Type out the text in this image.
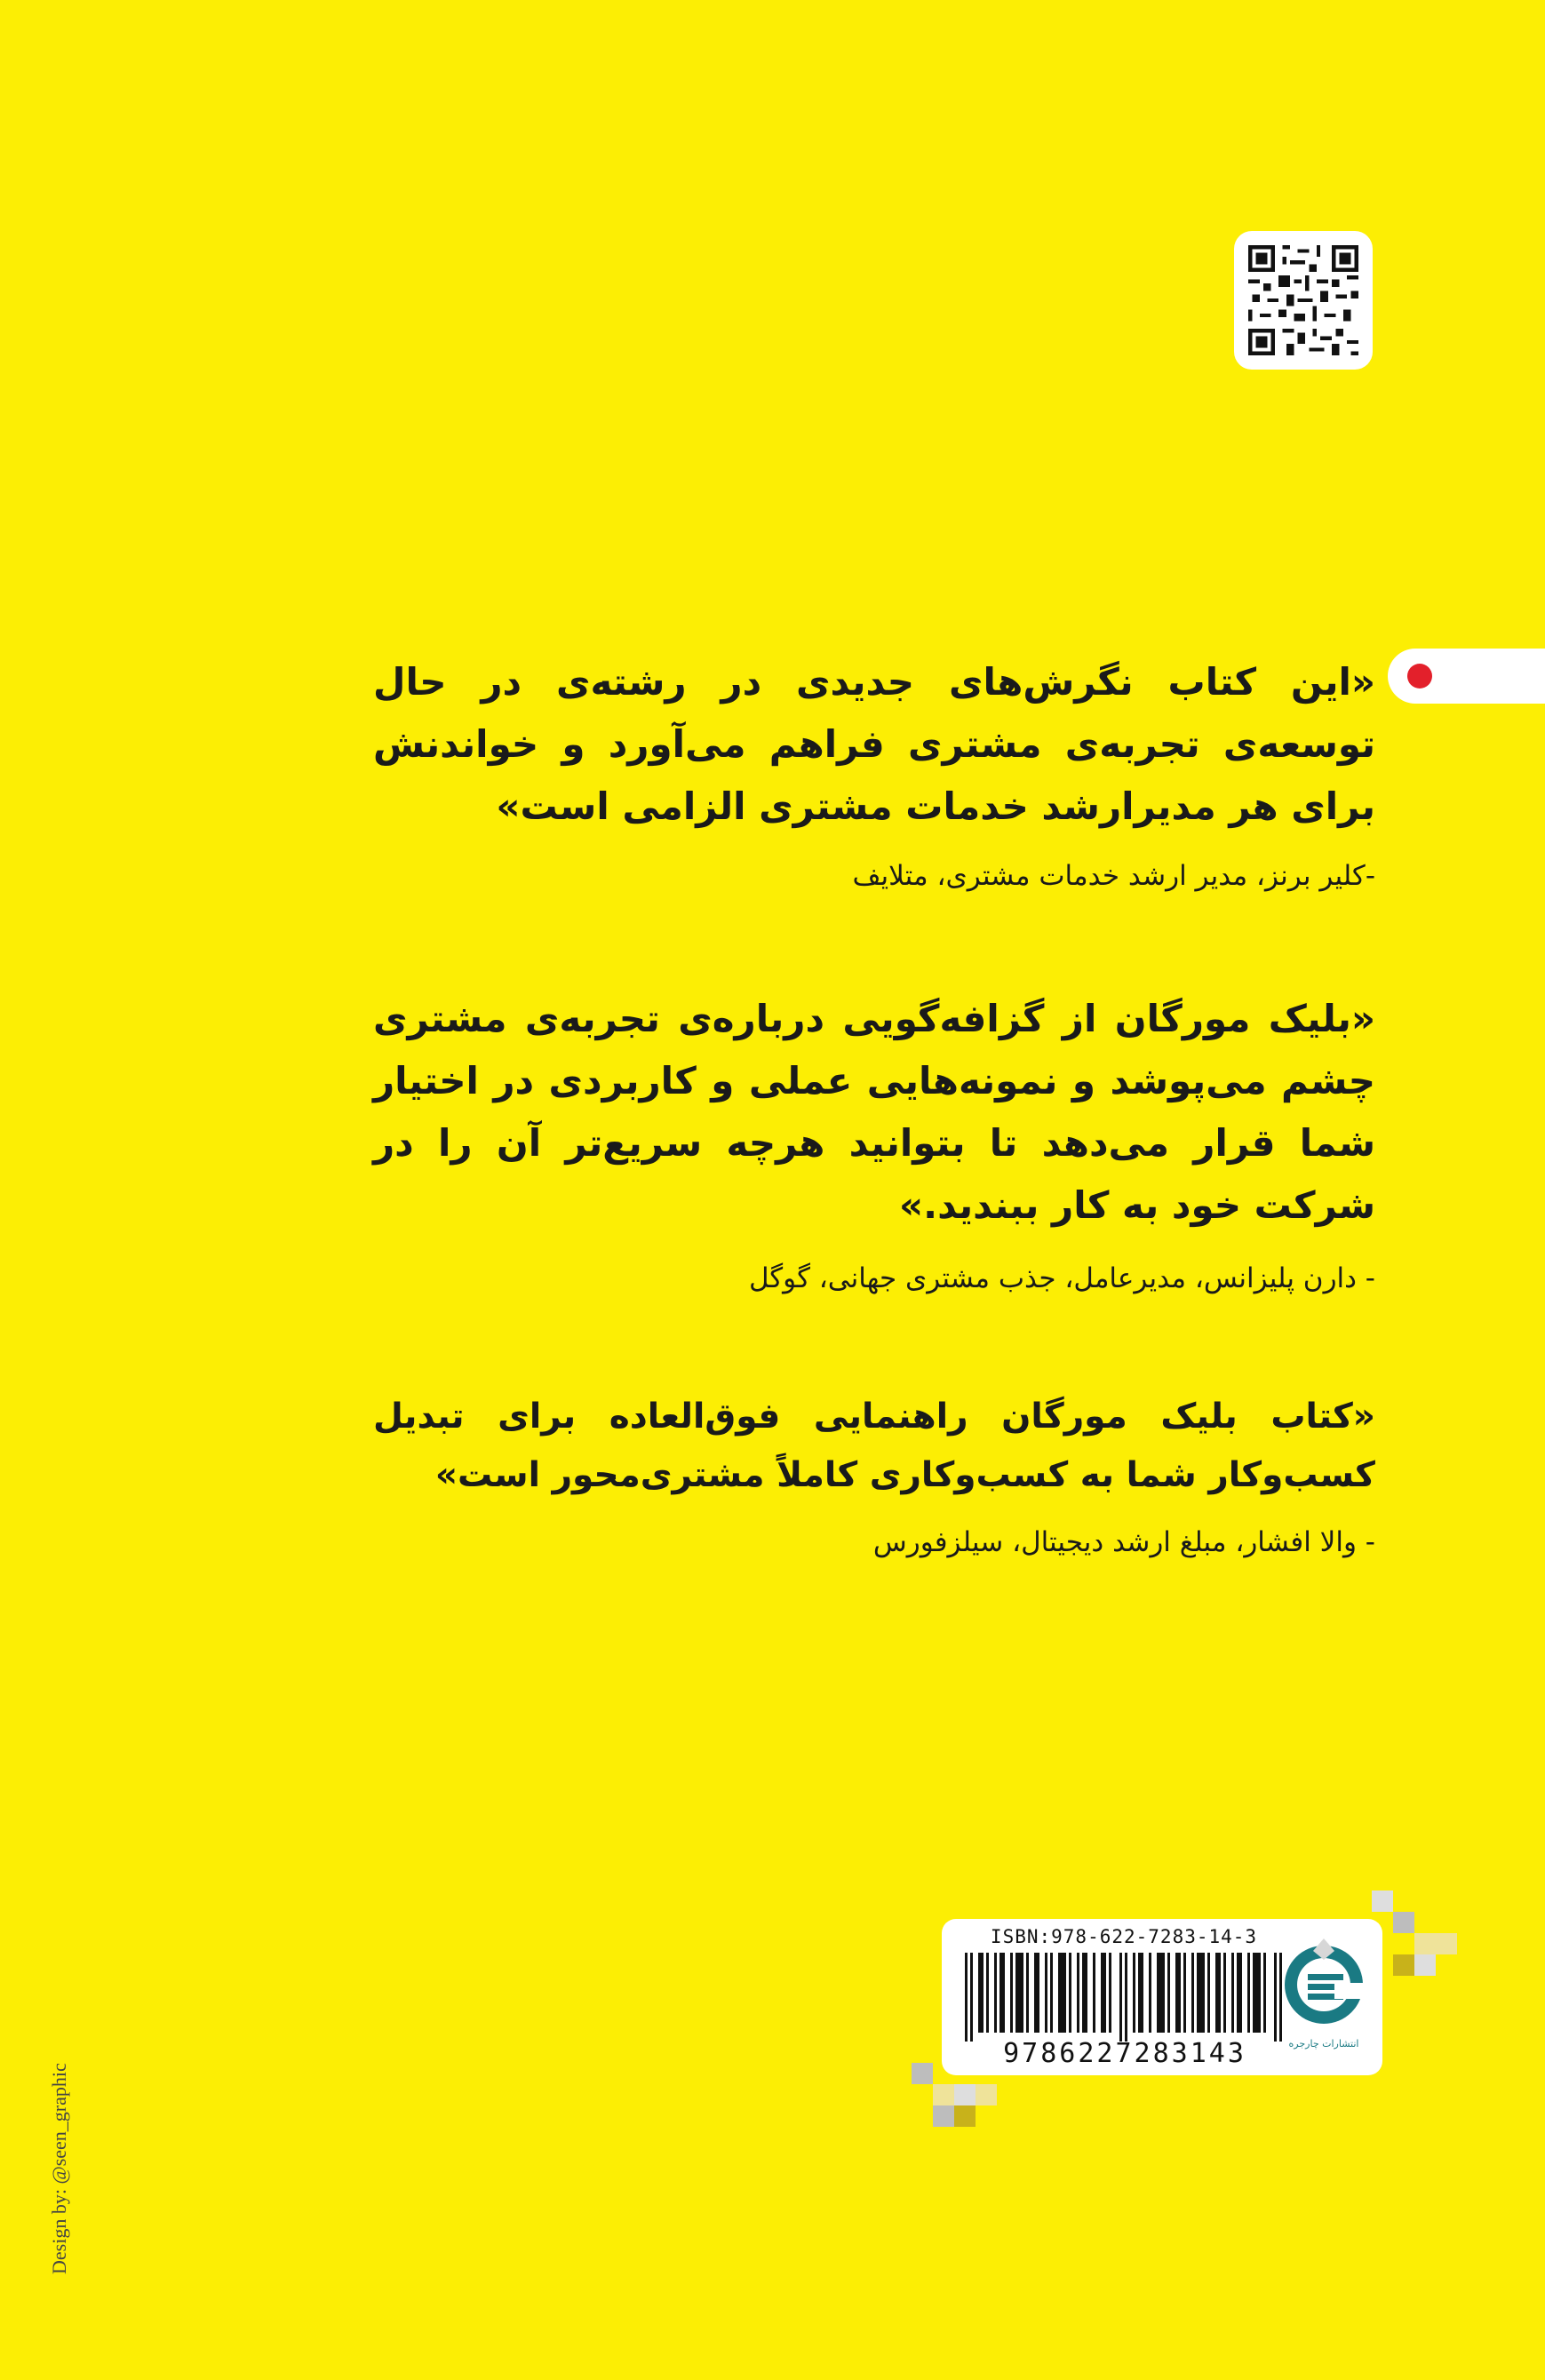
«این کتاب نگرش‌های جدیدی در رشته‌ی در حال توسعه‌ی تجربه‌ی مشتری فراهم می‌آورد و خواندنش برای هر مدیرارشد خدمات مشتری الزامی است»
-کلیر برنز، مدیر ارشد خدمات مشتری، متلایف
«بلیک مورگان از گزافه‌گویی درباره‌ی تجربه‌ی مشتری چشم می‌پوشد و نمونه‌هایی عملی و کاربردی در اختیار شما قرار می‌دهد تا بتوانید هرچه سریع‌تر آن را در شرکت خود به کار ببندید.»
- دارن پلیزانس، مدیرعامل، جذب مشتری جهانی، گوگل
«کتاب بلیک مورگان راهنمایی فوق‌العاده برای تبدیل کسب‌وکار شما به کسب‌وکاری کاملاً مشتری‌محور است»
- والا افشار، مبلغ ارشد دیجیتال، سیلزفورس
ISBN:978-622-7283-14-3
9786227283143	انتشارات چارجره
Design by: @seen_graphic
